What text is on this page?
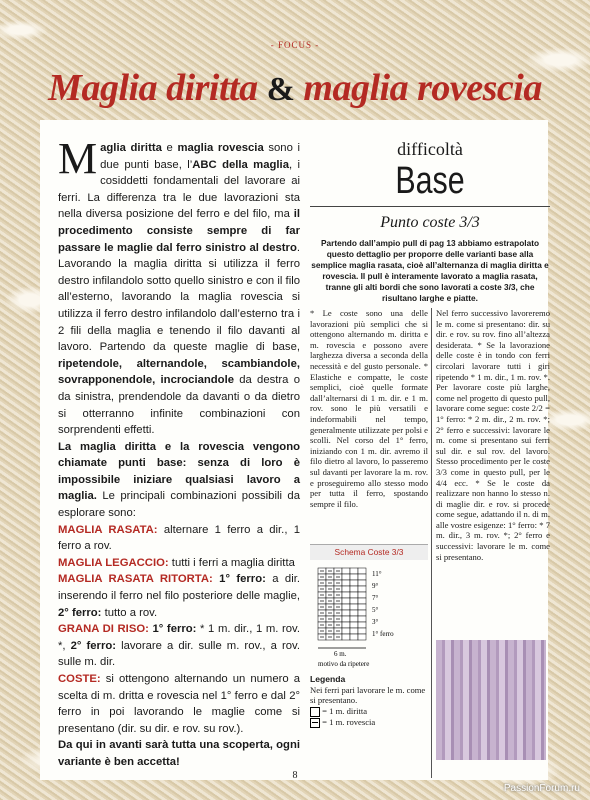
- FOCUS -
Maglia diritta & maglia rovescia

Maglia diritta e maglia rovescia sono i due punti base, l’ABC della maglia, i cosiddetti fondamentali del lavorare ai ferri. La differenza tra le due lavorazioni sta nella diversa posizione del ferro e del filo, ma il procedimento consiste sempre di far passare le maglie dal ferro sinistro al destro. Lavorando la maglia diritta si utilizza il ferro destro infilandolo sotto quello sinistro e con il filo all’esterno, lavorando la maglia rovescia si utilizza il ferro destro infilandolo dall’esterno tra i 2 fili della maglia e tenendo il filo davanti al lavoro. Partendo da queste maglie di base, ripetendole, alternandole, scambiandole, sovrapponendole, incrociandole da destra o da sinistra, prendendole da davanti o da dietro si otterranno infinite combinazioni con sorprendenti effetti.

La maglia diritta e la rovescia vengono chiamate punti base: senza di loro è impossibile iniziare qualsiasi lavoro a maglia. Le principali combinazioni possibili da esplorare sono:

MAGLIA RASATA: alternare 1 ferro a dir., 1 ferro a rov.

MAGLIA LEGACCIO: tutti i ferri a maglia diritta

MAGLIA RASATA RITORTA: 1° ferro: a dir. inserendo il ferro nel filo posteriore delle maglie, 2° ferro: tutto a rov.

GRANA DI RISO: 1° ferro: * 1 m. dir., 1 m. rov. *, 2° ferro: lavorare a dir. sulle m. rov., a rov. sulle m. dir.

COSTE: si ottengono alternando un numero a scelta di m. dritta e rovescia nel 1° ferro e dal 2° ferro in poi lavorando le maglie come si presentano (dir. su dir. e rov. su rov.).

Da qui in avanti sarà tutta una scoperta, ogni variante è ben accetta!

difficoltà
Base
Punto coste 3/3
Partendo dall’ampio pull di pag 13 abbiamo estrapolato questo dettaglio per proporre delle varianti base alla semplice maglia rasata, cioè all’alternanza di maglia diritta e rovescia. Il pull è interamente lavorato a maglia rasata, tranne gli alti bordi che sono lavorati a coste 3/3, che risultano larghe e piatte.
* Le coste sono una delle lavorazioni più semplici che si ottengono alternando m. diritta e m. rovescia e possono avere larghezza diversa a seconda della necessità e del gusto personale. * Elastiche e compatte, le coste semplici, cioè quelle formate dall’alternarsi di 1 m. dir. e 1 m. rov. sono le più versatili e indeformabili nel tempo, generalmente utilizzate per polsi e scolli. Nel corso del 1° ferro, iniziando con 1 m. dir. avremo il filo dietro al lavoro, lo passeremo sul davanti per lavorare la m. rov. e proseguiremo allo stesso modo per tutta il ferro, spostando sempre il filo.
Nel ferro successivo lavoreremo le m. come si presentano: dir. su dir. e rov. su rov. fino all’altezza desiderata. * Se la lavorazione delle coste è in tondo con ferri circolari lavorare tutti i giri ripetendo * 1 m. dir., 1 m. rov. *. Per lavorare coste più larghe, come nel progetto di questo pull, lavorare come segue: coste 2/2 = 1° ferro: * 2 m. dir., 2 m. rov. *; 2° ferro e successivi: lavorare le m. come si presentano sui ferri sul dir. e sul rov. del lavoro. Stesso procedimento per le coste 3/3 come in questo pull, per le 4/4 ecc. * Se le coste da realizzare non hanno lo stesso n. di maglie dir. e rov. si procede come segue, adattando il n. di m. alle vostre esigenze: 1° ferro: * 7 m. dir., 3 m. rov. *; 2° ferro e successivi: lavorare le m. come si presentano.
Schema Coste 3/3
11°
9°
7°
5°
3°
1° ferro
6 m.
motivo da ripetere
Legenda
Nei ferri pari lavorare le m. come si presentano.
= 1 m. diritta
= 1 m. rovescia
8
PassionForum.ru
